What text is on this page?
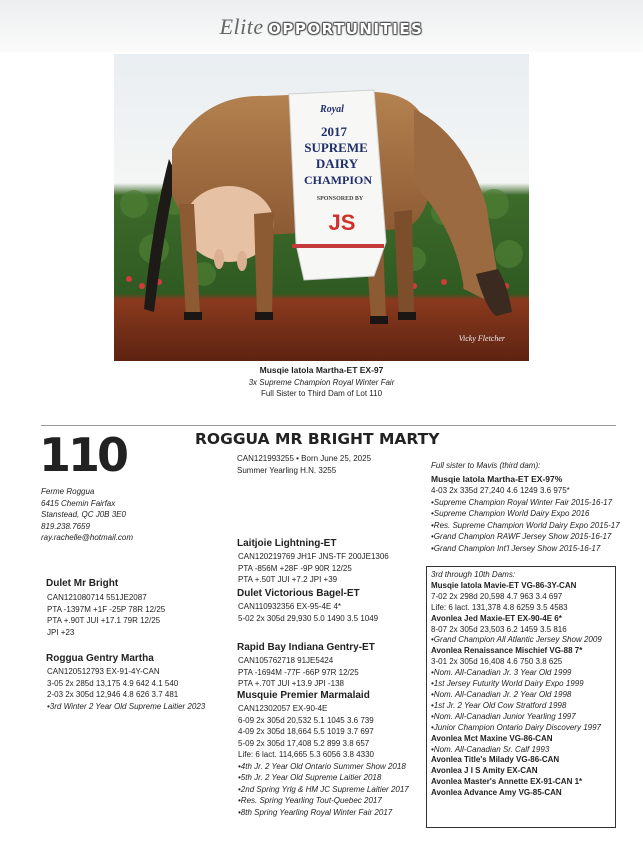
Elite OPPORTUNITIES
Royal
2017
SUPREME
DAIRY
CHAMPION
SPONSORED BY
JS
Vicky Fletcher
Musqie Iatola Martha-ET EX-97
3x Supreme Champion Royal Winter Fair
Full Sister to Third Dam of Lot 110
110	ROGGUA MR BRIGHT MARTY
CAN121993255 • Born June 25, 2025
Summer Yearling H.N. 3255
Ferme Roggua
6415 Chemin Fairfax
Stanstead, QC J0B 3E0
819.238.7659
ray.rachelle@hotmail.com
Dulet Mr Bright
CAN121080714 551JE2087
PTA -1397M +1F -25P 78R 12/25
PTA +.90T JUI +17.1 79R 12/25
JPI +23
Roggua Gentry Martha
CAN120512793 EX-91-4Y-CAN
3-05 2x 285d 13,175 4.9 642 4.1 540
2-03 2x 305d 12,946 4.8 626 3.7 481
•3rd Winter 2 Year Old Supreme Laitier 2023
Laitjoie Lightning-ET
CAN120219769 JH1F JNS-TF 200JE1306
PTA -856M +28F -9P 90R 12/25
PTA +.50T JUI +7.2 JPI +39
Dulet Victorious Bagel-ET
CAN110932356 EX-95-4E 4*
5-02 2x 305d 29,930 5.0 1490 3.5 1049
Rapid Bay Indiana Gentry-ET
CAN105762718 91JE5424
PTA -1694M -77F -66P 97R 12/25
PTA +.70T JUI +13.9 JPI -138
Musquie Premier Marmalaid
CAN12302057 EX-90-4E
6-09 2x 305d 20,532 5.1 1045 3.6 739
4-09 2x 305d 18,664 5.5 1019 3.7 697
5-09 2x 305d 17,408 5.2 899 3.8 657
Life: 6 lact. 114,665 5.3 6056 3.8 4330
•4th Jr. 2 Year Old Ontario Summer Show 2018
•5th Jr. 2 Year Old Supreme Laitier 2018
•2nd Spring Yrlg & HM JC Supreme Laitier 2017
•Res. Spring Yearling Tout-Quebec 2017
•8th Spring Yearling Royal Winter Fair 2017
Full sister to Mavis (third dam):
Musqie Iatola Martha-ET EX-97%
4-03 2x 335d 27,240 4.6 1249 3.6 975*
•Supreme Champion Royal Winter Fair 2015-16-17
•Supreme Champion World Dairy Expo 2016
•Res. Supreme Champion World Dairy Expo 2015-17
•Grand Champion RAWF Jersey Show 2015-16-17
•Grand Champion Int'l Jersey Show 2015-16-17
3rd through 10th Dams:
Musqie Iatola Mavie-ET VG-86-3Y-CAN
7-02 2x 298d 20,598 4.7 963 3.4 697
Life: 6 lact. 131,378 4.8 6259 3.5 4583
Avonlea Jed Maxie-ET EX-90-4E 6*
8-07 2x 305d 23,503 6.2 1459 3.5 816
•Grand Champion All Atlantic Jersey Show 2009
Avonlea Renaissance Mischief VG-88 7*
3-01 2x 305d 16,408 4.6 750 3.8 625
•Nom. All-Canadian Jr. 3 Year Old 1999
•1st Jersey Futurity World Dairy Expo 1999
•Nom. All-Canadian Jr. 2 Year Old 1998
•1st Jr. 2 Year Old Cow Stratford 1998
•Nom. All-Canadian Junior Yearling 1997
•Junior Champion Ontario Dairy Discovery 1997
Avonlea Mct Maxine VG-86-CAN
•Nom. All-Canadian Sr. Calf 1993
Avonlea Title's Milady VG-86-CAN
Avonlea J I S Amity EX-CAN
Avonlea Master's Annette EX-91-CAN 1*
Avonlea Advance Amy VG-85-CAN
